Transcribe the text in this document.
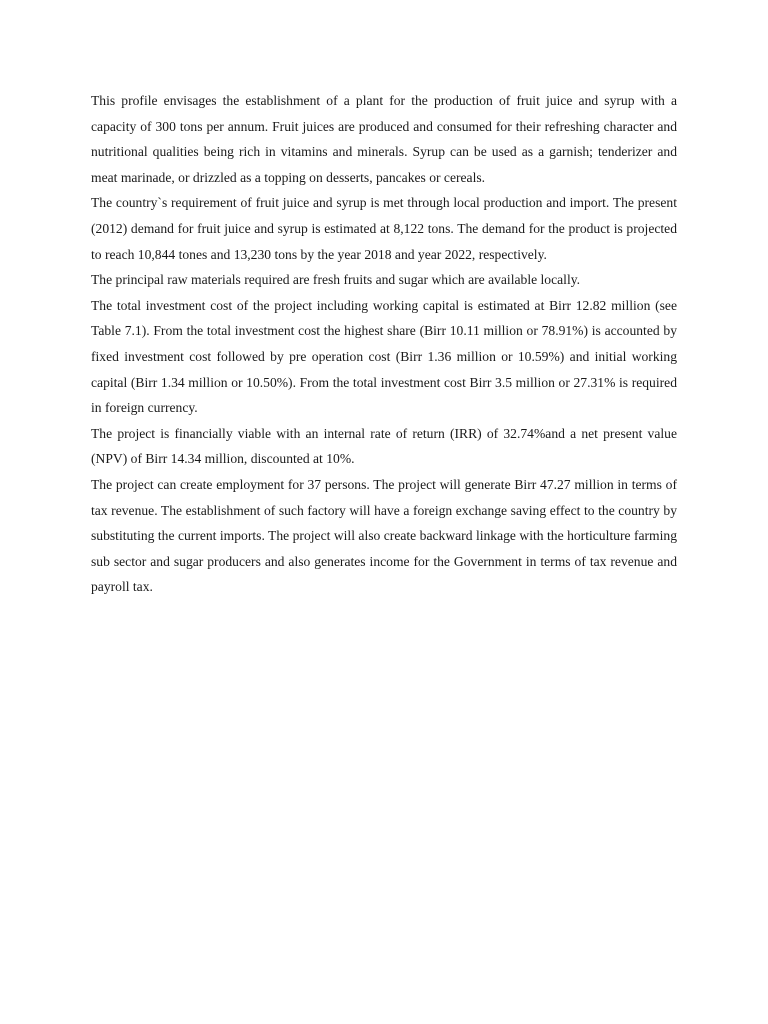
This profile envisages the establishment of a plant for the production of fruit juice and syrup with a capacity of 300 tons per annum. Fruit juices are produced and consumed for their refreshing character and nutritional qualities being rich in vitamins and minerals. Syrup can be used as a garnish; tenderizer and meat marinade, or drizzled as a topping on desserts, pancakes or cereals.

The country`s requirement of fruit juice and syrup is met through local production and import. The present (2012) demand for fruit juice and syrup is estimated at 8,122 tons. The demand for the product is projected to reach 10,844 tones and 13,230 tons by the year 2018 and year 2022, respectively.

The principal raw materials required are fresh fruits and sugar which are available locally.

The total investment cost of the project including working capital is estimated at Birr 12.82 million (see Table 7.1). From the total investment cost the highest share (Birr 10.11 million or 78.91%) is accounted by fixed investment cost followed by pre operation cost (Birr 1.36 million or 10.59%) and initial working capital (Birr 1.34 million or 10.50%). From the total investment cost Birr 3.5 million or 27.31% is required in foreign currency.

The project is financially viable with an internal rate of return (IRR) of 32.74%and a net present value (NPV) of Birr 14.34 million, discounted at 10%.

The project can create employment for 37 persons. The project will generate Birr 47.27 million in terms of tax revenue. The establishment of such factory will have a foreign exchange saving effect to the country by substituting the current imports. The project will also create backward linkage with the horticulture farming sub sector and sugar producers and also generates income for the Government in terms of tax revenue and payroll tax.
